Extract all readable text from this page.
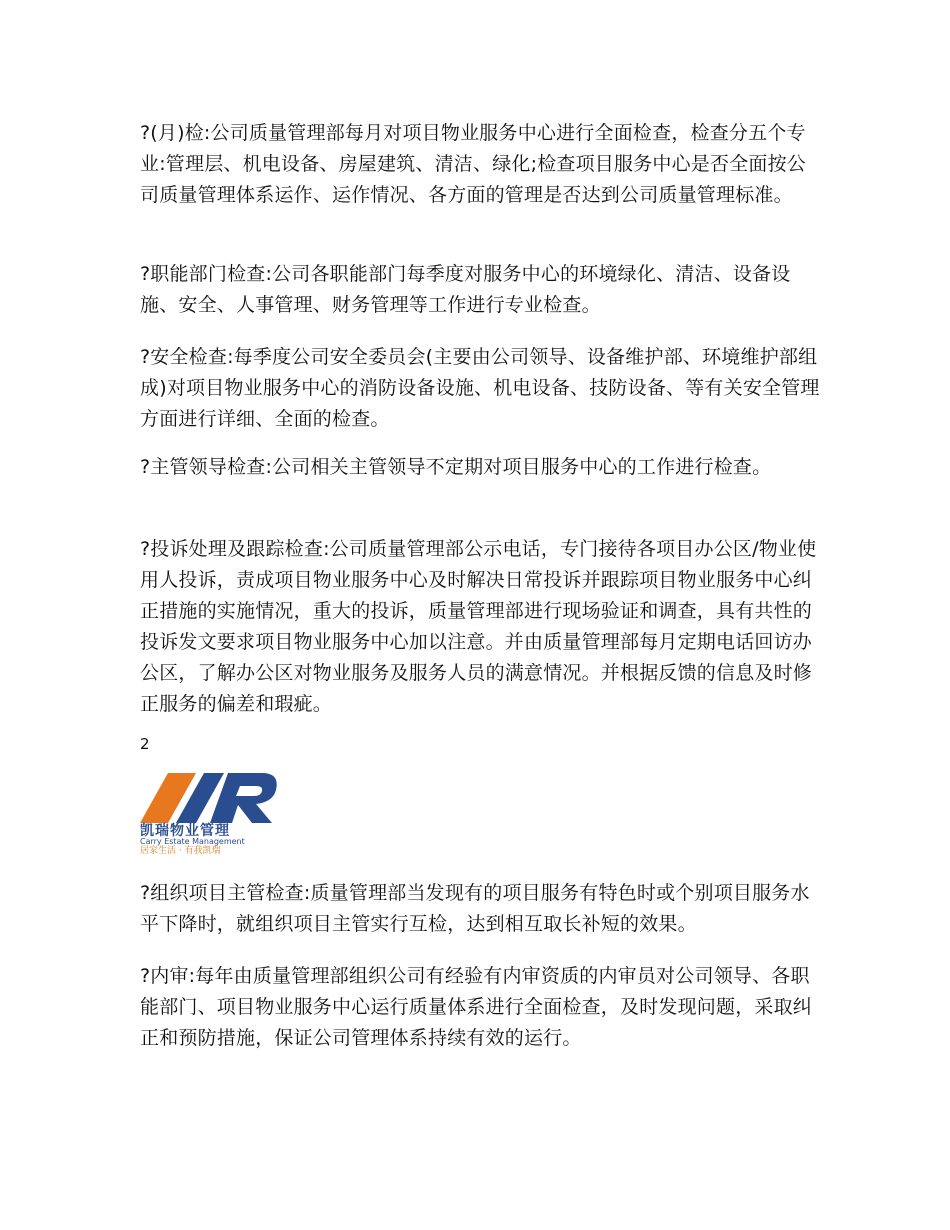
?(月)检:公司质量管理部每月对项目物业服务中心进行全面检查，检查分五个专业:管理层、机电设备、房屋建筑、清洁、绿化;检查项目服务中心是否全面按公司质量管理体系运作、运作情况、各方面的管理是否达到公司质量管理标准。

?职能部门检查:公司各职能部门每季度对服务中心的环境绿化、清洁、设备设施、安全、人事管理、财务管理等工作进行专业检查。

?安全检查:每季度公司安全委员会(主要由公司领导、设备维护部、环境维护部组成)对项目物业服务中心的消防设备设施、机电设备、技防设备、等有关安全管理方面进行详细、全面的检查。

?主管领导检查:公司相关主管领导不定期对项目服务中心的工作进行检查。

?投诉处理及跟踪检查:公司质量管理部公示电话，专门接待各项目办公区/物业使用人投诉，责成项目物业服务中心及时解决日常投诉并跟踪项目物业服务中心纠正措施的实施情况，重大的投诉，质量管理部进行现场验证和调查，具有共性的投诉发文要求项目物业服务中心加以注意。并由质量管理部每月定期电话回访办公区，了解办公区对物业服务及服务人员的满意情况。并根据反馈的信息及时修正服务的偏差和瑕疵。

2
凯瑞物业管理
Carry Estate Management
居家生活 · 有我凯瑞

?组织项目主管检查:质量管理部当发现有的项目服务有特色时或个别项目服务水平下降时，就组织项目主管实行互检，达到相互取长补短的效果。

?内审:每年由质量管理部组织公司有经验有内审资质的内审员对公司领导、各职能部门、项目物业服务中心运行质量体系进行全面检查，及时发现问题，采取纠正和预防措施，保证公司管理体系持续有效的运行。
